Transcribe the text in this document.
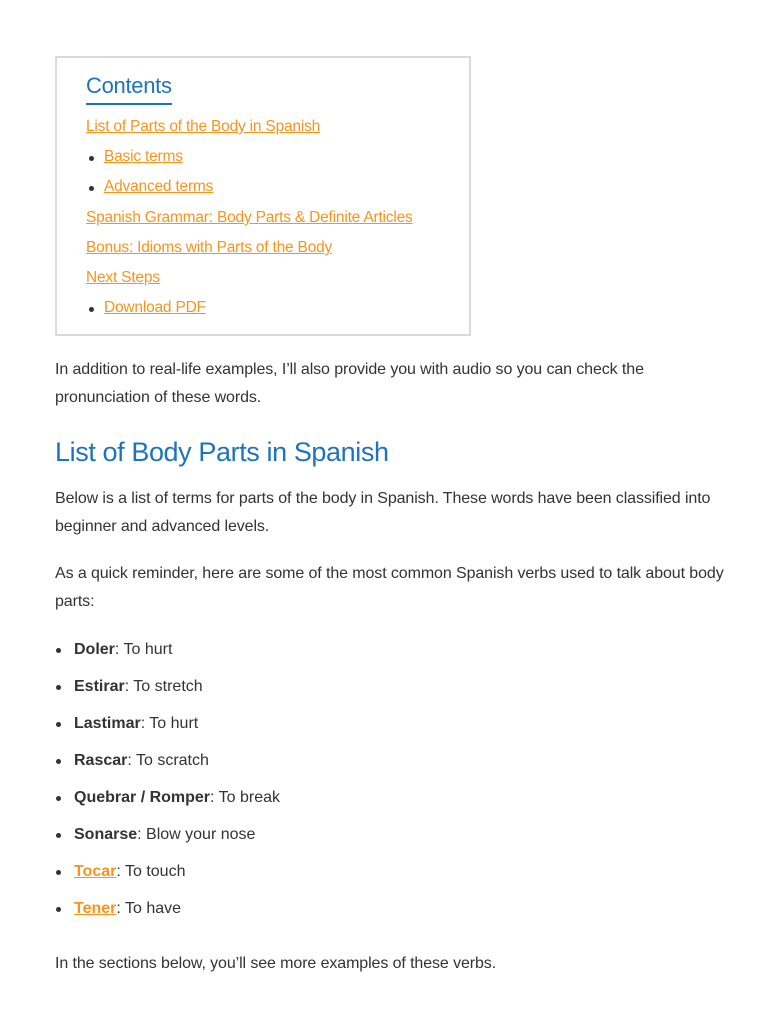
Contents
List of Parts of the Body in Spanish
Basic terms
Advanced terms
Spanish Grammar: Body Parts & Definite Articles
Bonus: Idioms with Parts of the Body
Next Steps
Download PDF

In addition to real-life examples, I’ll also provide you with audio so you can check the pronunciation of these words.

List of Body Parts in Spanish

Below is a list of terms for parts of the body in Spanish. These words have been classified into beginner and advanced levels.

As a quick reminder, here are some of the most common Spanish verbs used to talk about body parts:

Doler: To hurt
Estirar: To stretch
Lastimar: To hurt
Rascar: To scratch
Quebrar / Romper: To break
Sonarse: Blow your nose
Tocar: To touch
Tener: To have

In the sections below, you’ll see more examples of these verbs.
